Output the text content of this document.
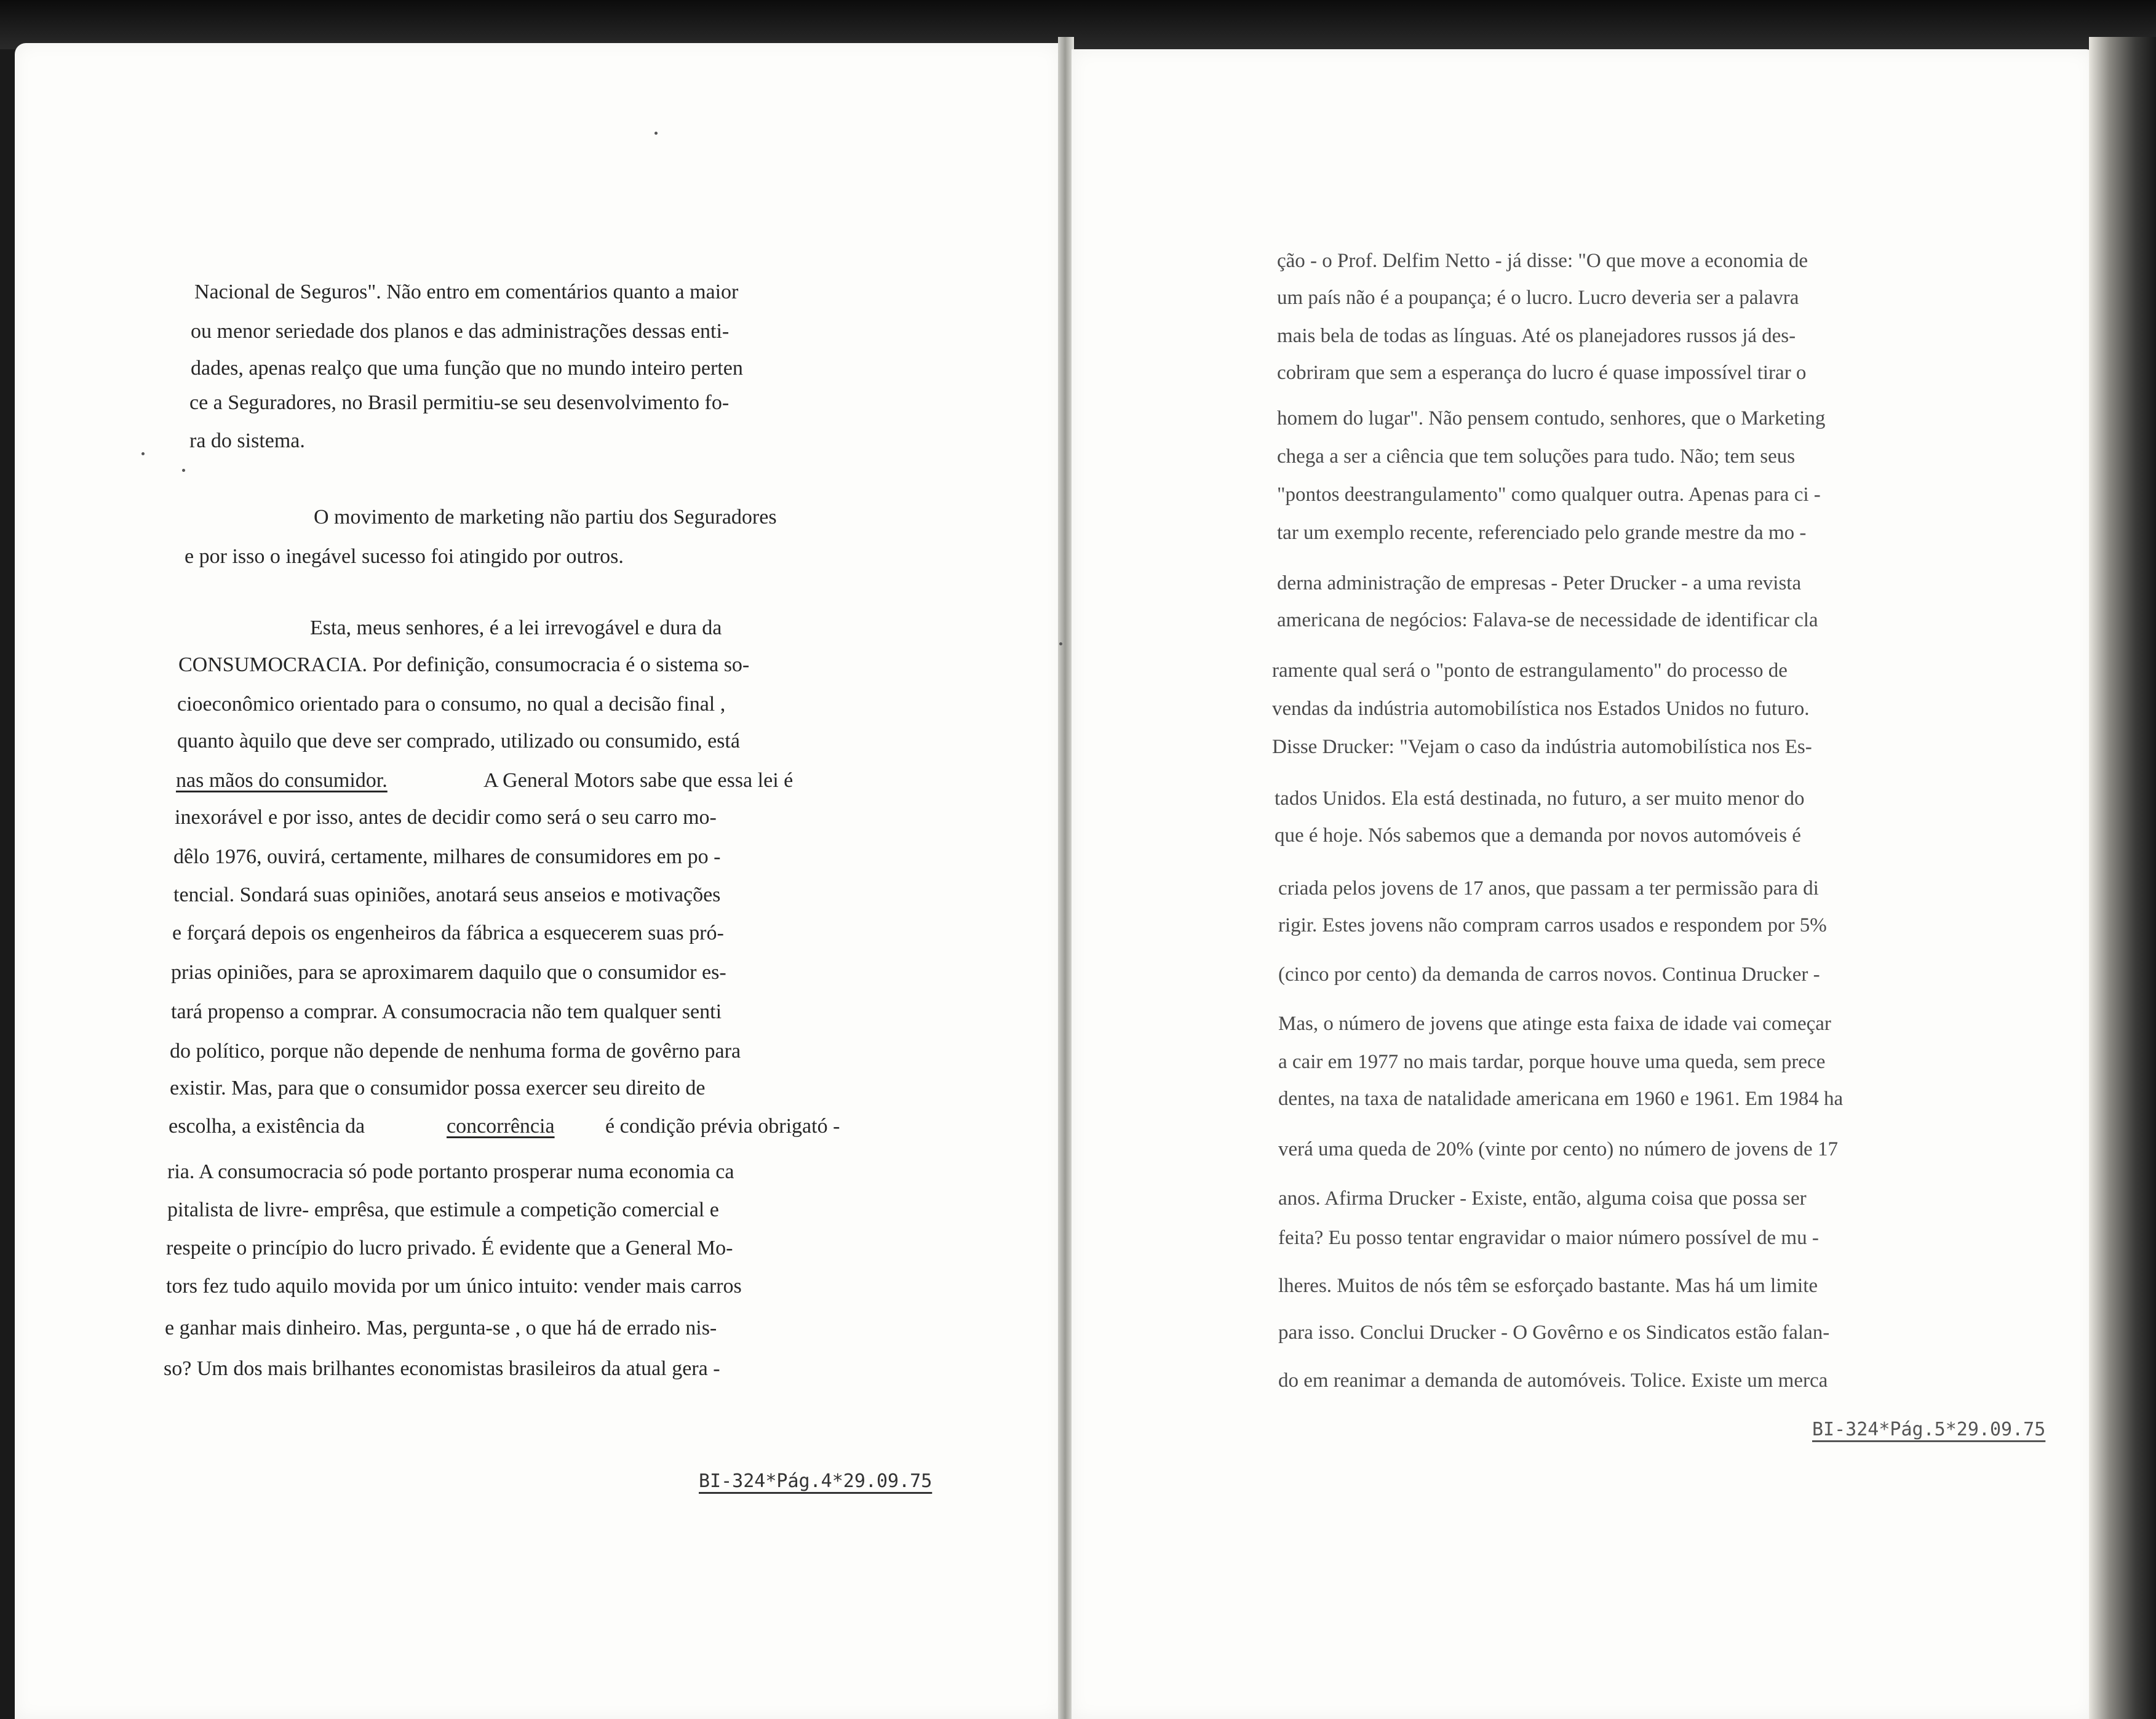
Nacional de Seguros". Não entro em comentários quanto a maior
ou menor seriedade dos planos e das administrações dessas enti-
dades, apenas realço que uma função que no mundo inteiro perten
ce a Seguradores, no Brasil permitiu-se seu desenvolvimento fo-
ra do sistema.
O movimento de marketing não partiu dos Seguradores
e por isso o inegável sucesso foi atingido por outros.
Esta, meus senhores, é a lei irrevogável e dura da
CONSUMOCRACIA. Por definição, consumocracia é o sistema so-
cioeconômico orientado para o consumo, no qual a decisão final ,
quanto àquilo que deve ser comprado, utilizado ou consumido, está
nas mãos do consumidor.	A General Motors sabe que essa lei é
inexorável e por isso, antes de decidir como será o seu carro mo-
dêlo 1976, ouvirá, certamente, milhares de consumidores em po -
tencial. Sondará suas opiniões, anotará seus anseios e motivações
e forçará depois os engenheiros da fábrica a esquecerem suas pró-
prias opiniões, para se aproximarem daquilo que o consumidor es-
tará propenso a comprar. A consumocracia não tem qualquer senti
do político, porque não depende de nenhuma forma de govêrno para
existir. Mas, para que o consumidor possa exercer seu direito de
escolha, a existência da	concorrência é condição prévia obrigató -
ria. A consumocracia só pode portanto prosperar numa economia ca
pitalista de livre- emprêsa, que estimule a competição comercial e
respeite o princípio do lucro privado. É evidente que a General Mo-
tors fez tudo aquilo movida por um único intuito: vender mais carros
e ganhar mais dinheiro. Mas, pergunta-se , o que há de errado nis-
so? Um dos mais brilhantes economistas brasileiros da atual gera -
BI-324*Pág.4*29.09.75
ção - o Prof. Delfim Netto - já disse: "O que move a economia de
um país não é a poupança; é o lucro. Lucro deveria ser a palavra
mais bela de todas as línguas. Até os planejadores russos já des-
cobriram que sem a esperança do lucro é quase impossível tirar o
homem do lugar". Não pensem contudo, senhores, que o Marketing
chega a ser a ciência que tem soluções para tudo. Não; tem seus
"pontos deestrangulamento" como qualquer outra. Apenas para ci -
tar um exemplo recente, referenciado pelo grande mestre da mo -
derna administração de empresas - Peter Drucker - a uma revista
americana de negócios: Falava-se de necessidade de identificar cla
ramente qual será o "ponto de estrangulamento" do processo de
vendas da indústria automobilística nos Estados Unidos no futuro.
Disse Drucker: "Vejam o caso da indústria automobilística nos Es-
tados Unidos. Ela está destinada, no futuro, a ser muito menor do
que é hoje. Nós sabemos que a demanda por novos automóveis é
criada pelos jovens de 17 anos, que passam a ter permissão para di
rigir. Estes jovens não compram carros usados e respondem por 5%
(cinco por cento) da demanda de carros novos. Continua Drucker -
Mas, o número de jovens que atinge esta faixa de idade vai começar
a cair em 1977 no mais tardar, porque houve uma queda, sem prece
dentes, na taxa de natalidade americana em 1960 e 1961. Em 1984 ha
verá uma queda de 20% (vinte por cento) no número de jovens de 17
anos. Afirma Drucker - Existe, então, alguma coisa que possa ser
feita? Eu posso tentar engravidar o maior número possível de mu -
lheres. Muitos de nós têm se esforçado bastante. Mas há um limite
para isso. Conclui Drucker - O Govêrno e os Sindicatos estão falan-
do em reanimar a demanda de automóveis. Tolice. Existe um merca
BI-324*Pág.5*29.09.75
